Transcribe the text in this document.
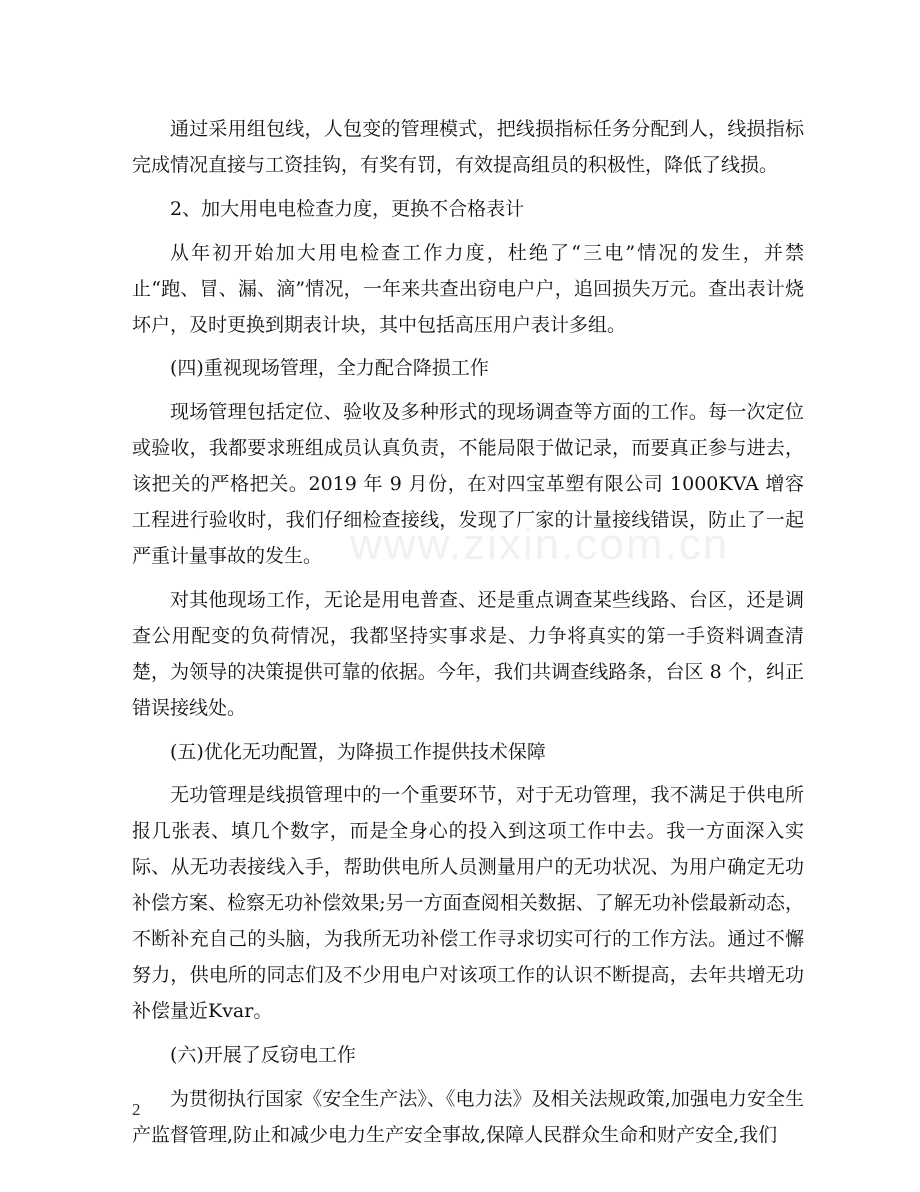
www.zixin.com.cn

通过采用组包线，人包变的管理模式，把线损指标任务分配到人，线损指标完成情况直接与工资挂钩，有奖有罚，有效提高组员的积极性，降低了线损。

2、加大用电电检查力度，更换不合格表计

从年初开始加大用电检查工作力度，杜绝了“三电”情况的发生，并禁止“跑、冒、漏、滴”情况，一年来共查出窃电户户，追回损失万元。查出表计烧坏户，及时更换到期表计块，其中包括高压用户表计多组。

(四)重视现场管理，全力配合降损工作

现场管理包括定位、验收及多种形式的现场调查等方面的工作。每一次定位或验收，我都要求班组成员认真负责，不能局限于做记录，而要真正参与进去，该把关的严格把关。2019 年 9 月份，在对四宝革塑有限公司 1000KVA 增容工程进行验收时，我们仔细检查接线，发现了厂家的计量接线错误，防止了一起严重计量事故的发生。

对其他现场工作，无论是用电普查、还是重点调查某些线路、台区，还是调查公用配变的负荷情况，我都坚持实事求是、力争将真实的第一手资料调查清楚，为领导的决策提供可靠的依据。今年，我们共调查线路条，台区 8 个，纠正错误接线处。

(五)优化无功配置，为降损工作提供技术保障

无功管理是线损管理中的一个重要环节，对于无功管理，我不满足于供电所报几张表、填几个数字，而是全身心的投入到这项工作中去。我一方面深入实际、从无功表接线入手，帮助供电所人员测量用户的无功状况、为用户确定无功补偿方案、检察无功补偿效果;另一方面查阅相关数据、了解无功补偿最新动态，不断补充自己的头脑，为我所无功补偿工作寻求切实可行的工作方法。通过不懈努力，供电所的同志们及不少用电户对该项工作的认识不断提高，去年共增无功补偿量近Kvar。

(六)开展了反窃电工作

为贯彻执行国家《安全生产法》、《电力法》及相关法规政策,加强电力安全生产监督管理,防止和减少电力生产安全事故,保障人民群众生命和财产安全,我们

2
